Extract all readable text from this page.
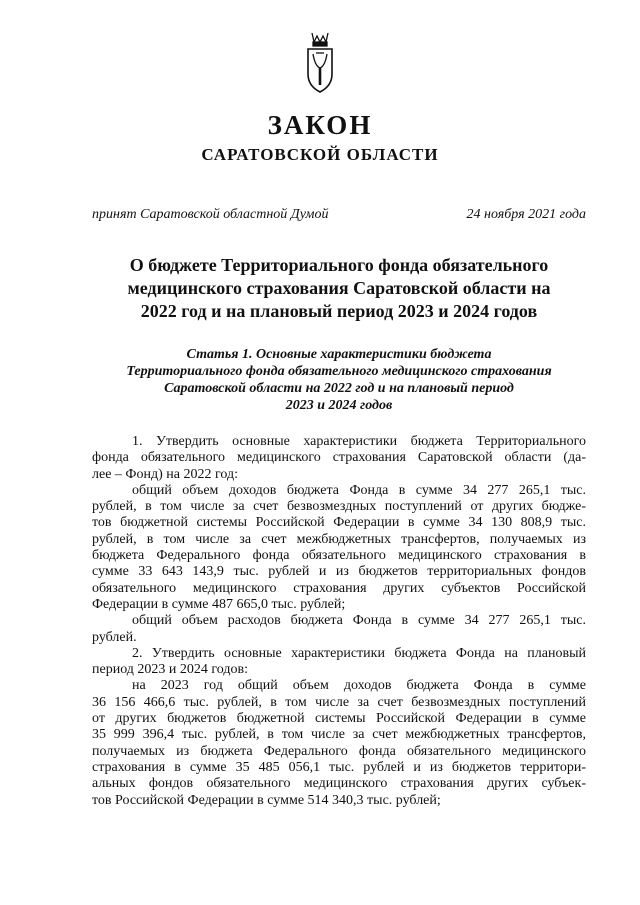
ЗАКОН
САРАТОВСКОЙ ОБЛАСТИ
принят Саратовской областной Думой	24 ноября 2021 года
О бюджете Территориального фонда обязательного
медицинского страхования Саратовской области на
2022 год и на плановый период 2023 и 2024 годов
Статья 1. Основные характеристики бюджета
Территориального фонда обязательного медицинского страхования
Саратовской области на 2022 год и на плановый период
2023 и 2024 годов
1. Утвердить основные характеристики бюджета Территориального
фонда обязательного медицинского страхования Саратовской области (да-
лее – Фонд) на 2022 год:
общий объем доходов бюджета Фонда в сумме 34 277 265,1 тыс.
рублей, в том числе за счет безвозмездных поступлений от других бюдже-
тов бюджетной системы Российской Федерации в сумме 34 130 808,9 тыс.
рублей, в том числе за счет межбюджетных трансфертов, получаемых из
бюджета Федерального фонда обязательного медицинского страхования в
сумме 33 643 143,9 тыс. рублей и из бюджетов территориальных фондов
обязательного медицинского страхования других субъектов Российской
Федерации в сумме 487 665,0 тыс. рублей;
общий объем расходов бюджета Фонда в сумме 34 277 265,1 тыс.
рублей.
2. Утвердить основные характеристики бюджета Фонда на плановый
период 2023 и 2024 годов:
на 2023 год общий объем доходов бюджета Фонда в сумме
36 156 466,6 тыс. рублей, в том числе за счет безвозмездных поступлений
от других бюджетов бюджетной системы Российской Федерации в сумме
35 999 396,4 тыс. рублей, в том числе за счет межбюджетных трансфертов,
получаемых из бюджета Федерального фонда обязательного медицинского
страхования в сумме 35 485 056,1 тыс. рублей и из бюджетов территори-
альных фондов обязательного медицинского страхования других субъек-
тов Российской Федерации в сумме 514 340,3 тыс. рублей;
